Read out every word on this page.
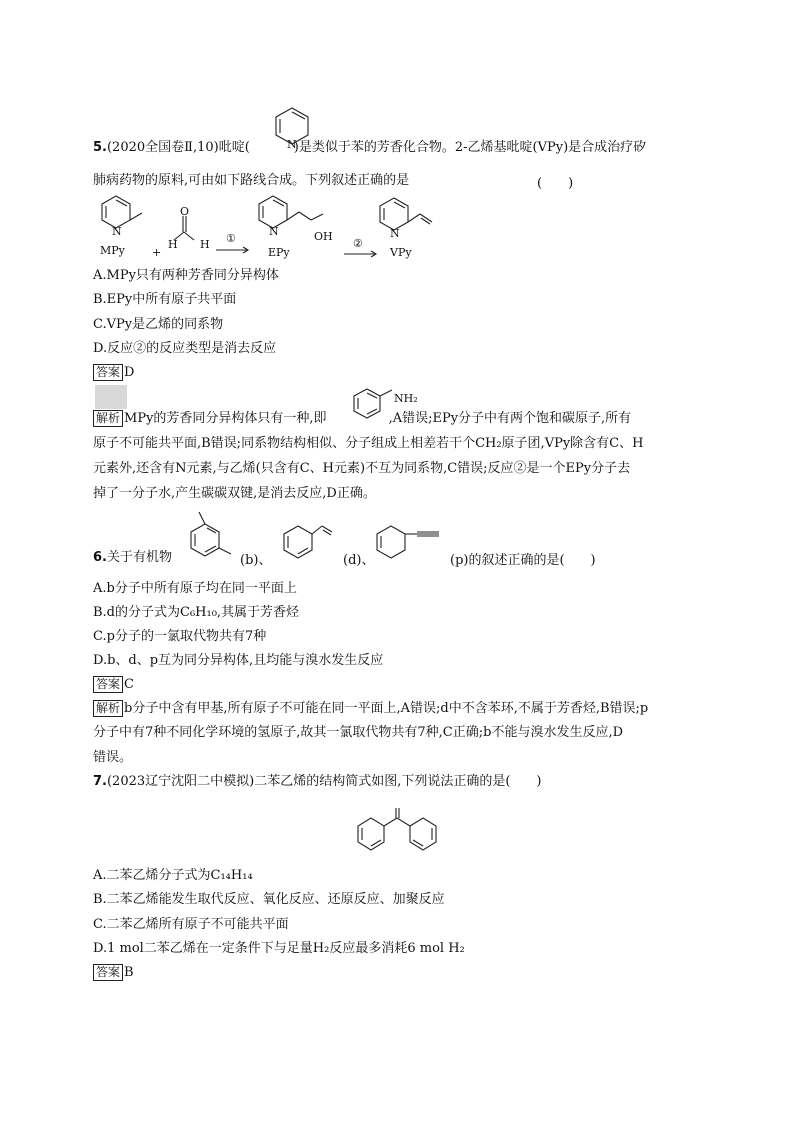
N
5.(2020全国卷Ⅱ,10)吡啶(	)是类似于苯的芳香化合物。2-乙烯基吡啶(VPy)是合成治疗矽
肺病药物的原料,可由如下路线合成。下列叙述正确的是	(　　)
N
MPy +
O
H H ①
N	OH
EPy
②
N
VPy
A.MPy只有两种芳香同分异构体
B.EPy中所有原子共平面
C.VPy是乙烯的同系物
D.反应②的反应类型是消去反应
答案 D
NH₂
解析 MPy的芳香同分异构体只有一种,即	,A错误;EPy分子中有两个饱和碳原子,所有
原子不可能共平面,B错误;同系物结构相似、分子组成上相差若干个CH₂原子团,VPy除含有C、H
元素外,还含有N元素,与乙烯(只含有C、H元素)不互为同系物,C错误;反应②是一个EPy分子去
掉了一分子水,产生碳碳双键,是消去反应,D正确。
6.关于有机物	(b)、	(d)、	(p)的叙述正确的是(　　)
A.b分子中所有原子均在同一平面上
B.d的分子式为C₆H₁₀,其属于芳香烃
C.p分子的一氯取代物共有7种
D.b、d、p互为同分异构体,且均能与溴水发生反应
答案 C
解析 b分子中含有甲基,所有原子不可能在同一平面上,A错误;d中不含苯环,不属于芳香烃,B错误;p
分子中有7种不同化学环境的氢原子,故其一氯取代物共有7种,C正确;b不能与溴水发生反应,D
错误。
7.(2023辽宁沈阳二中模拟)二苯乙烯的结构简式如图,下列说法正确的是(　　)
A.二苯乙烯分子式为C₁₄H₁₄
B.二苯乙烯能发生取代反应、氧化反应、还原反应、加聚反应
C.二苯乙烯所有原子不可能共平面
D.1 mol二苯乙烯在一定条件下与足量H₂反应最多消耗6 mol H₂
答案 B
